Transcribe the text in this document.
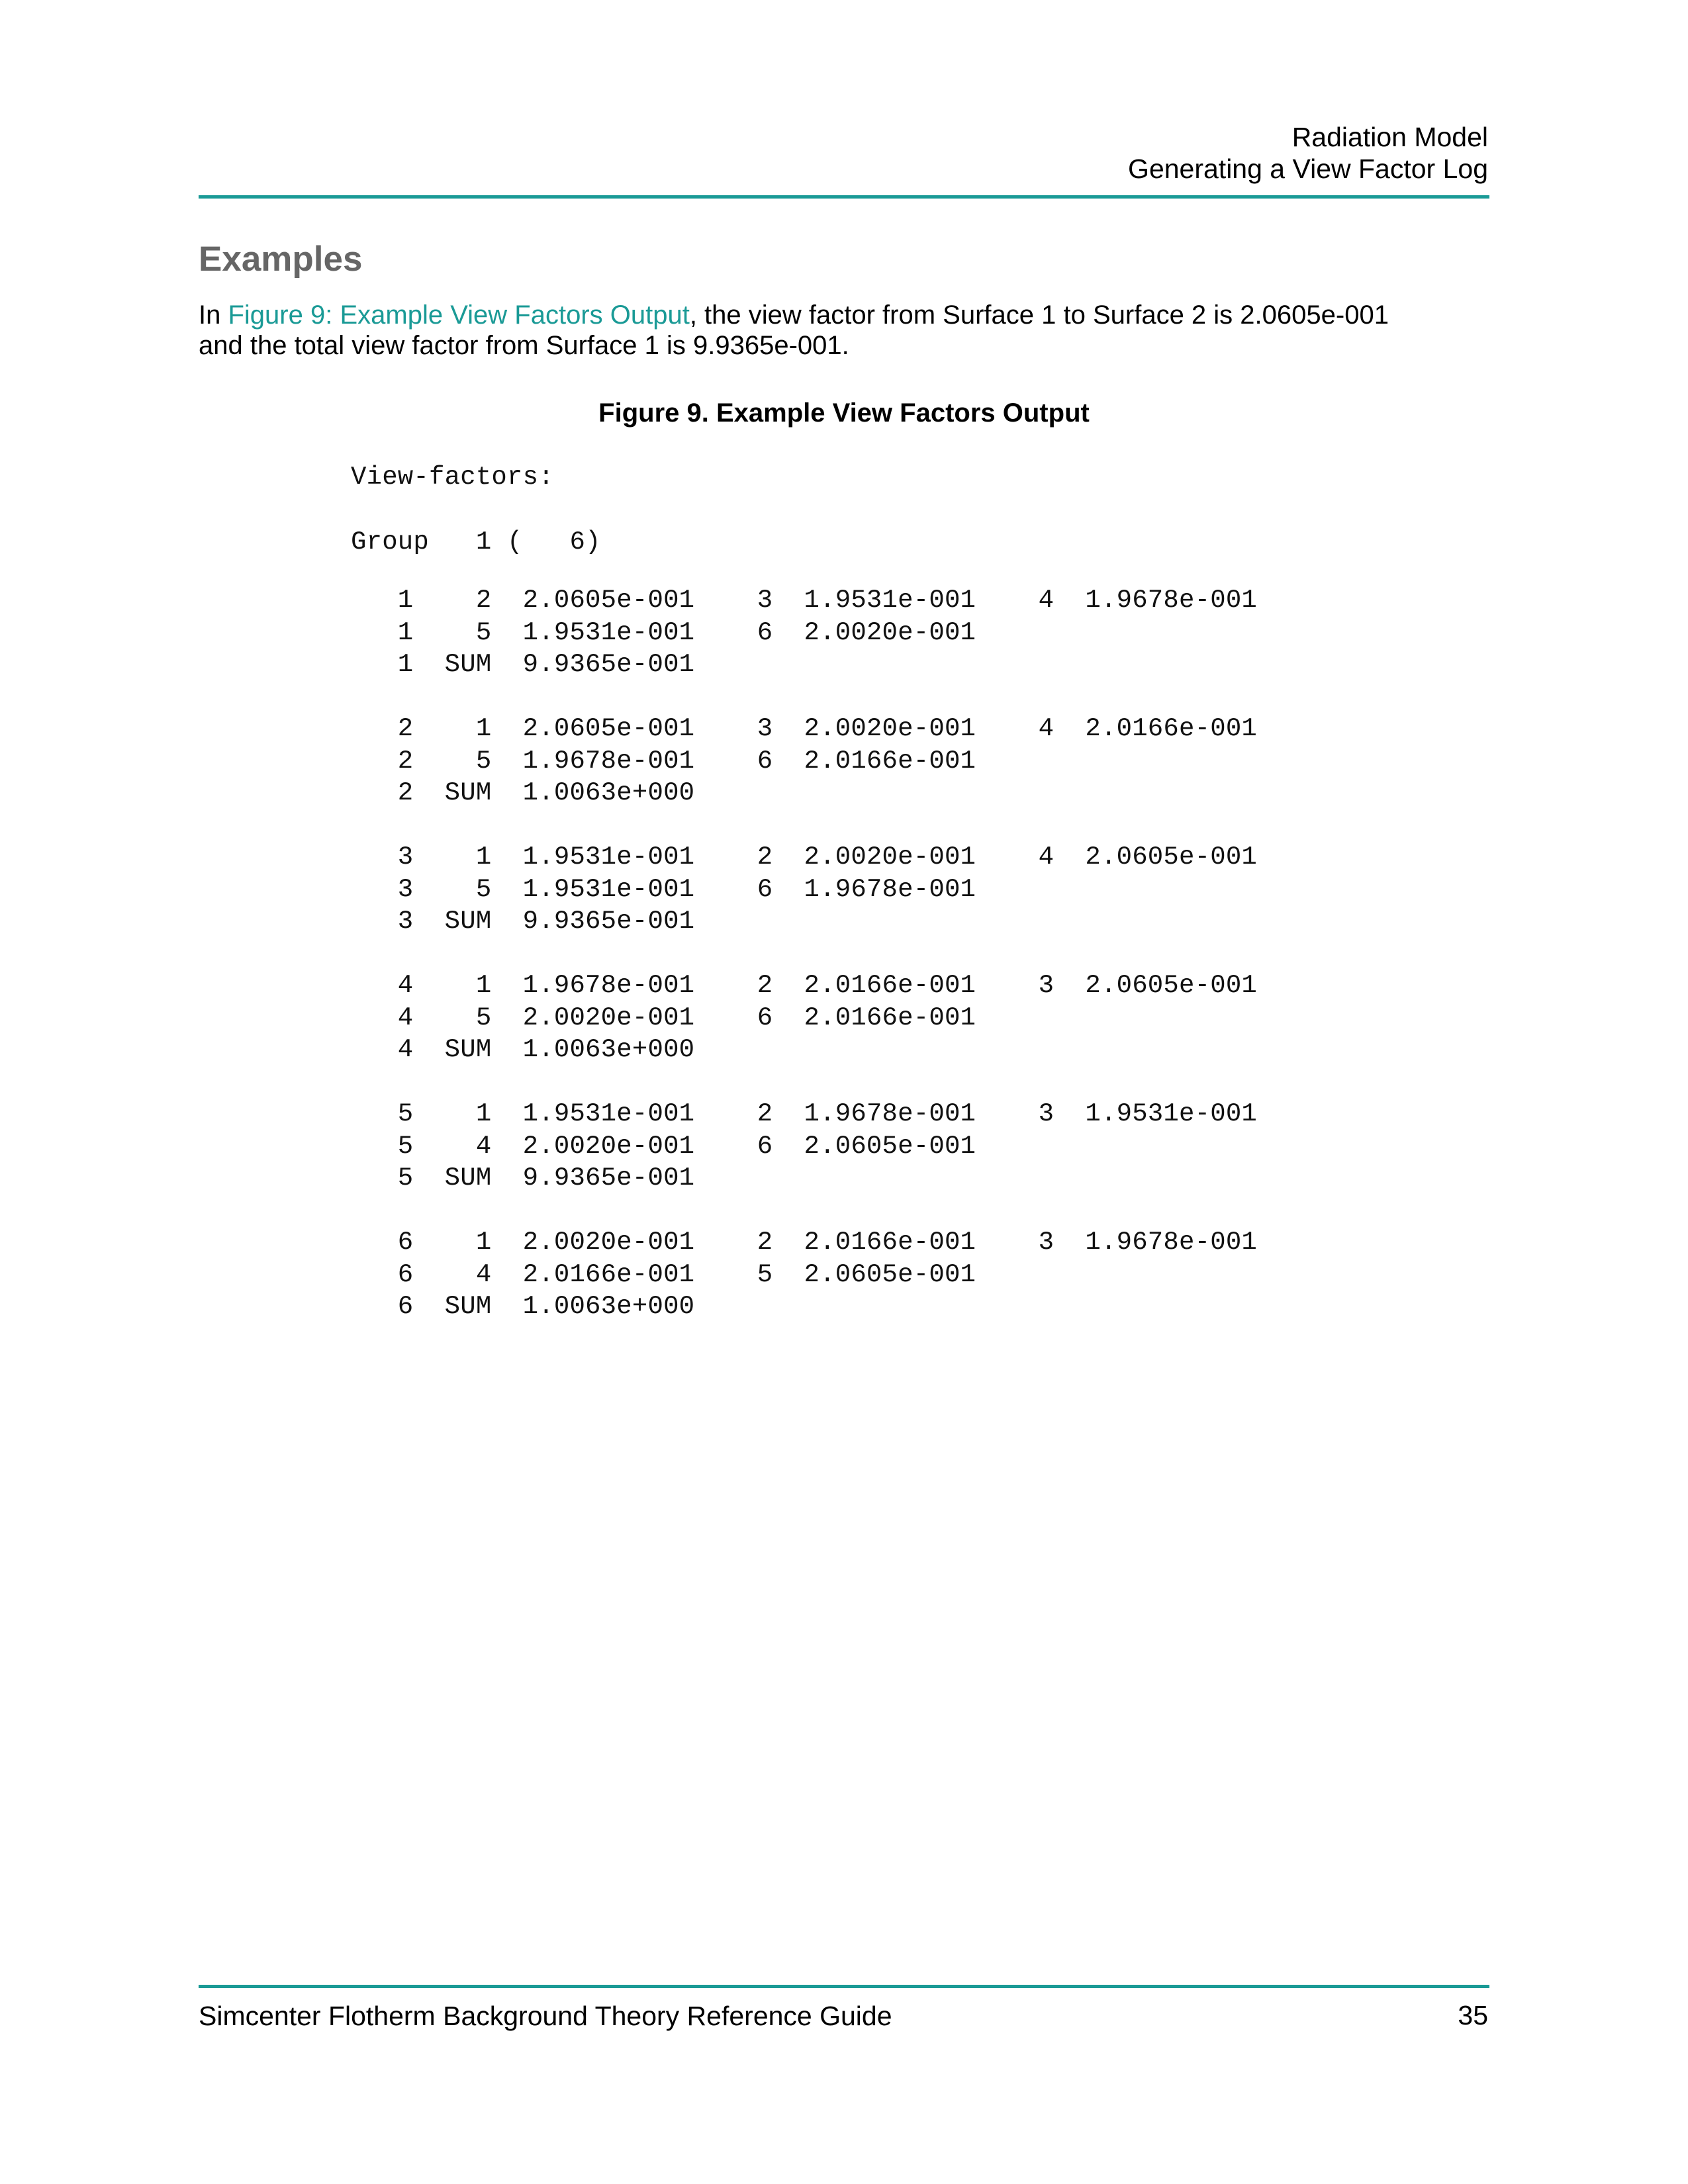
Radiation Model
Generating a View Factor Log
Examples
In Figure 9: Example View Factors Output, the view factor from Surface 1 to Surface 2 is 2.0605e-001
and the total view factor from Surface 1 is 9.9365e-001.
Figure 9. Example View Factors Output
View-factors:
Group   1 (   6)
1    2  2.0605e-001    3  1.9531e-001    4  1.9678e-001
1    5  1.9531e-001    6  2.0020e-001
1  SUM  9.9365e-001
2    1  2.0605e-001    3  2.0020e-001    4  2.0166e-001
2    5  1.9678e-001    6  2.0166e-001
2  SUM  1.0063e+000
3    1  1.9531e-001    2  2.0020e-001    4  2.0605e-001
3    5  1.9531e-001    6  1.9678e-001
3  SUM  9.9365e-001
4    1  1.9678e-001    2  2.0166e-001    3  2.0605e-001
4    5  2.0020e-001    6  2.0166e-001
4  SUM  1.0063e+000
5    1  1.9531e-001    2  1.9678e-001    3  1.9531e-001
5    4  2.0020e-001    6  2.0605e-001
5  SUM  9.9365e-001
6    1  2.0020e-001    2  2.0166e-001    3  1.9678e-001
6    4  2.0166e-001    5  2.0605e-001
6  SUM  1.0063e+000
Simcenter Flotherm Background Theory Reference Guide	35
